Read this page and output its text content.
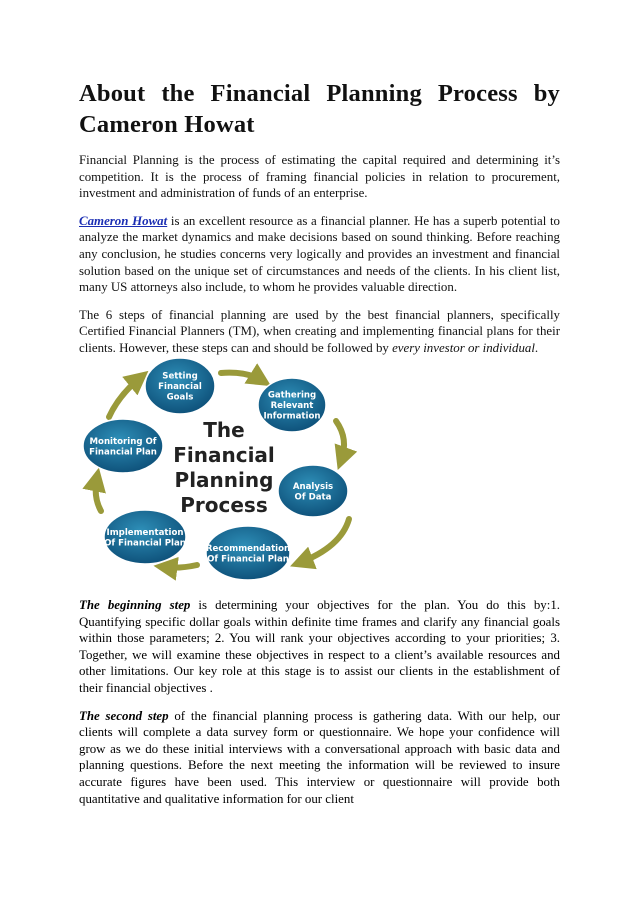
About the Financial Planning Process by Cameron Howat

Financial Planning is the process of estimating the capital required and determining it’s competition. It is the process of framing financial policies in relation to procurement, investment and administration of funds of an enterprise.

Cameron Howat is an excellent resource as a financial planner. He has a superb potential to analyze the market dynamics and make decisions based on sound thinking. Before reaching any conclusion, he studies concerns very logically and provides an investment and financial solution based on the unique set of circumstances and needs of the clients. In his client list, many US attorneys also include, to whom he provides valuable direction.

The 6 steps of financial planning are used by the best financial planners, specifically Certified Financial Planners (TM), when creating and implementing financial plans for their clients. However, these steps can and should be followed by every investor or individual.

Setting
Financial
Goals	Gathering
Relevant
Information
Analysis
Of Data
Recommendation
Of Financial Plan
Implementation
Of Financial Plan
Monitoring Of
Financial Plan
The
Financial
Planning
Process

The beginning step is determining your objectives for the plan. You do this by:1. Quantifying specific dollar goals within definite time frames and clarify any financial goals within those parameters; 2. You will rank your objectives according to your priorities; 3. Together, we will examine these objectives in respect to a client’s available resources and other limitations. Our key role at this stage is to assist our clients in the establishment of their financial objectives .

The second step of the financial planning process is gathering data. With our help, our clients will complete a data survey form or questionnaire. We hope your confidence will grow as we do these initial interviews with a conversational approach with basic data and planning questions. Before the next meeting the information will be reviewed to insure accurate figures have been used. This interview or questionnaire will provide both quantitative and qualitative information for our client
